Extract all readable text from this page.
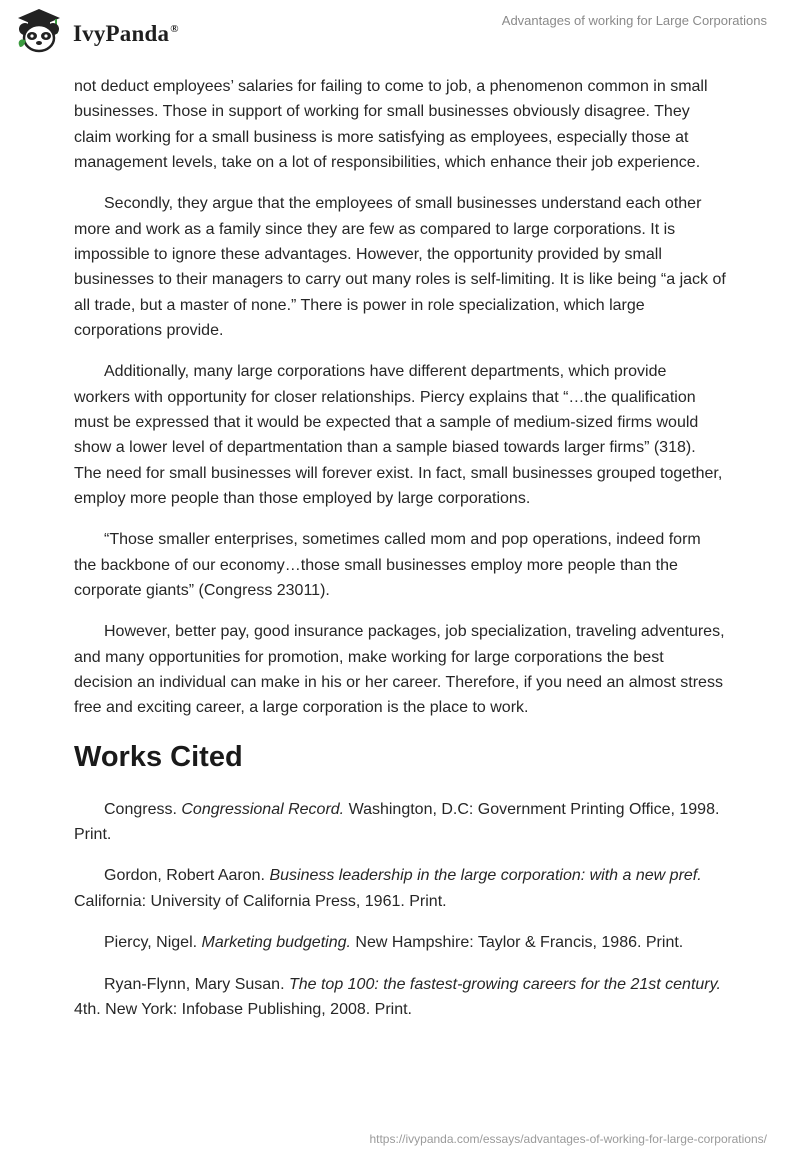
IvyPanda®
Advantages of working for Large Corporations

not deduct employees’ salaries for failing to come to job, a phenomenon common in small businesses. Those in support of working for small businesses obviously disagree. They claim working for a small business is more satisfying as employees, especially those at management levels, take on a lot of responsibilities, which enhance their job experience.

Secondly, they argue that the employees of small businesses understand each other more and work as a family since they are few as compared to large corporations. It is impossible to ignore these advantages. However, the opportunity provided by small businesses to their managers to carry out many roles is self-limiting. It is like being “a jack of all trade, but a master of none.” There is power in role specialization, which large corporations provide.

Additionally, many large corporations have different departments, which provide workers with opportunity for closer relationships. Piercy explains that “…the qualification must be expressed that it would be expected that a sample of medium-sized firms would show a lower level of departmentation than a sample biased towards larger firms” (318). The need for small businesses will forever exist. In fact, small businesses grouped together, employ more people than those employed by large corporations.

“Those smaller enterprises, sometimes called mom and pop operations, indeed form the backbone of our economy…those small businesses employ more people than the corporate giants” (Congress 23011).

However, better pay, good insurance packages, job specialization, traveling adventures, and many opportunities for promotion, make working for large corporations the best decision an individual can make in his or her career. Therefore, if you need an almost stress free and exciting career, a large corporation is the place to work.

Works Cited

Congress. Congressional Record. Washington, D.C: Government Printing Office, 1998. Print.

Gordon, Robert Aaron. Business leadership in the large corporation: with a new pref. California: University of California Press, 1961. Print.

Piercy, Nigel. Marketing budgeting. New Hampshire: Taylor & Francis, 1986. Print.

Ryan-Flynn, Mary Susan. The top 100: the fastest-growing careers for the 21st century. 4th. New York: Infobase Publishing, 2008. Print.

https://ivypanda.com/essays/advantages-of-working-for-large-corporations/
